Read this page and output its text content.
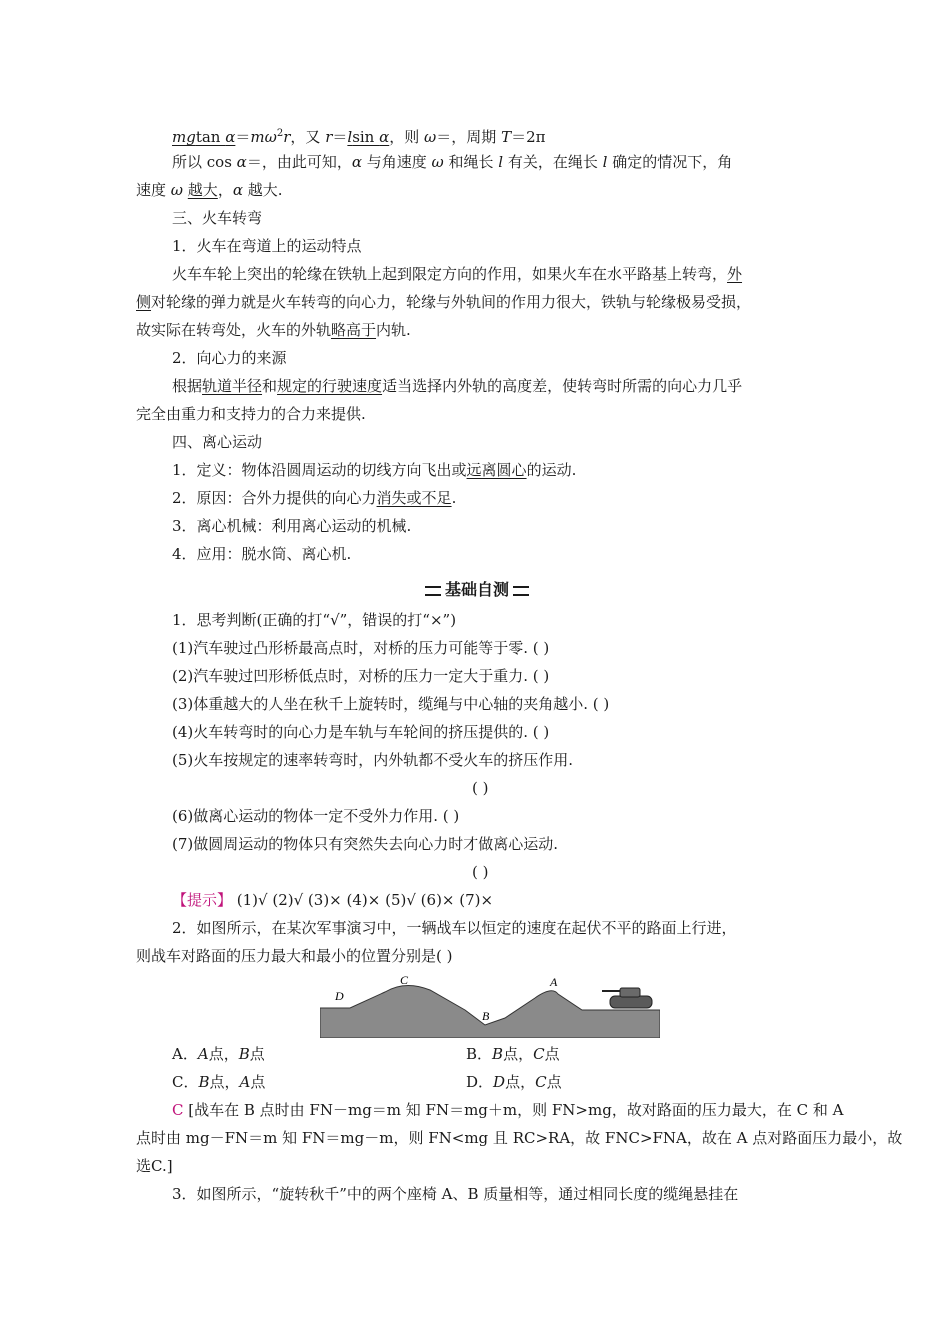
mgtan $\alpha=m\omega^2r$，又 r＝lsin α，则 ω＝，周期 T＝2π
所以 cos α＝，由此可知，α 与角速度 ω 和绳长 l 有关，在绳长 l 确定的情况下，角
速度 ω 越大，α 越大.
三、火车转弯
1．火车在弯道上的运动特点
火车车轮上突出的轮缘在铁轨上起到限定方向的作用，如果火车在水平路基上转弯，外
侧对轮缘的弹力就是火车转弯的向心力，轮缘与外轨间的作用力很大，铁轨与轮缘极易受损，
故实际在转弯处，火车的外轨略高于内轨.
2．向心力的来源
根据轨道半径和规定的行驶速度适当选择内外轨的高度差，使转弯时所需的向心力几乎
完全由重力和支持力的合力来提供.
四、离心运动
1．定义：物体沿圆周运动的切线方向飞出或远离圆心的运动.
2．原因：合外力提供的向心力消失或不足.
3．离心机械：利用离心运动的机械.
4．应用：脱水筒、离心机.
基础自测
1．思考判断(正确的打“√”，错误的打“×”)
(1)汽车驶过凸形桥最高点时，对桥的压力可能等于零. ( )
(2)汽车驶过凹形桥低点时，对桥的压力一定大于重力. ( )
(3)体重越大的人坐在秋千上旋转时，缆绳与中心轴的夹角越小. ( )
(4)火车转弯时的向心力是车轨与车轮间的挤压提供的. ( )
(5)火车按规定的速率转弯时，内外轨都不受火车的挤压作用.
( )
(6)做离心运动的物体一定不受外力作用. ( )
(7)做圆周运动的物体只有突然失去向心力时才做离心运动.
( )
【提示】 (1)√ (2)√ (3)× (4)× (5)√ (6)× (7)×
2．如图所示，在某次军事演习中，一辆战车以恒定的速度在起伏不平的路面上行进，
则战车对路面的压力最大和最小的位置分别是( )
D
C
B
A
A．A点，B点	B．B点，C点
C．B点，A点	D．D点，C点
C [战车在 B 点时由 FN－mg＝m 知 FN＝mg＋m，则 FN>mg，故对路面的压力最大，在 C 和 A
点时由 mg－FN＝m 知 FN＝mg－m，则 FN<mg 且 RC>RA，故 FNC>FNA，故在 A 点对路面压力最小，故
选C.]
3．如图所示，“旋转秋千”中的两个座椅 A、B 质量相等，通过相同长度的缆绳悬挂在
